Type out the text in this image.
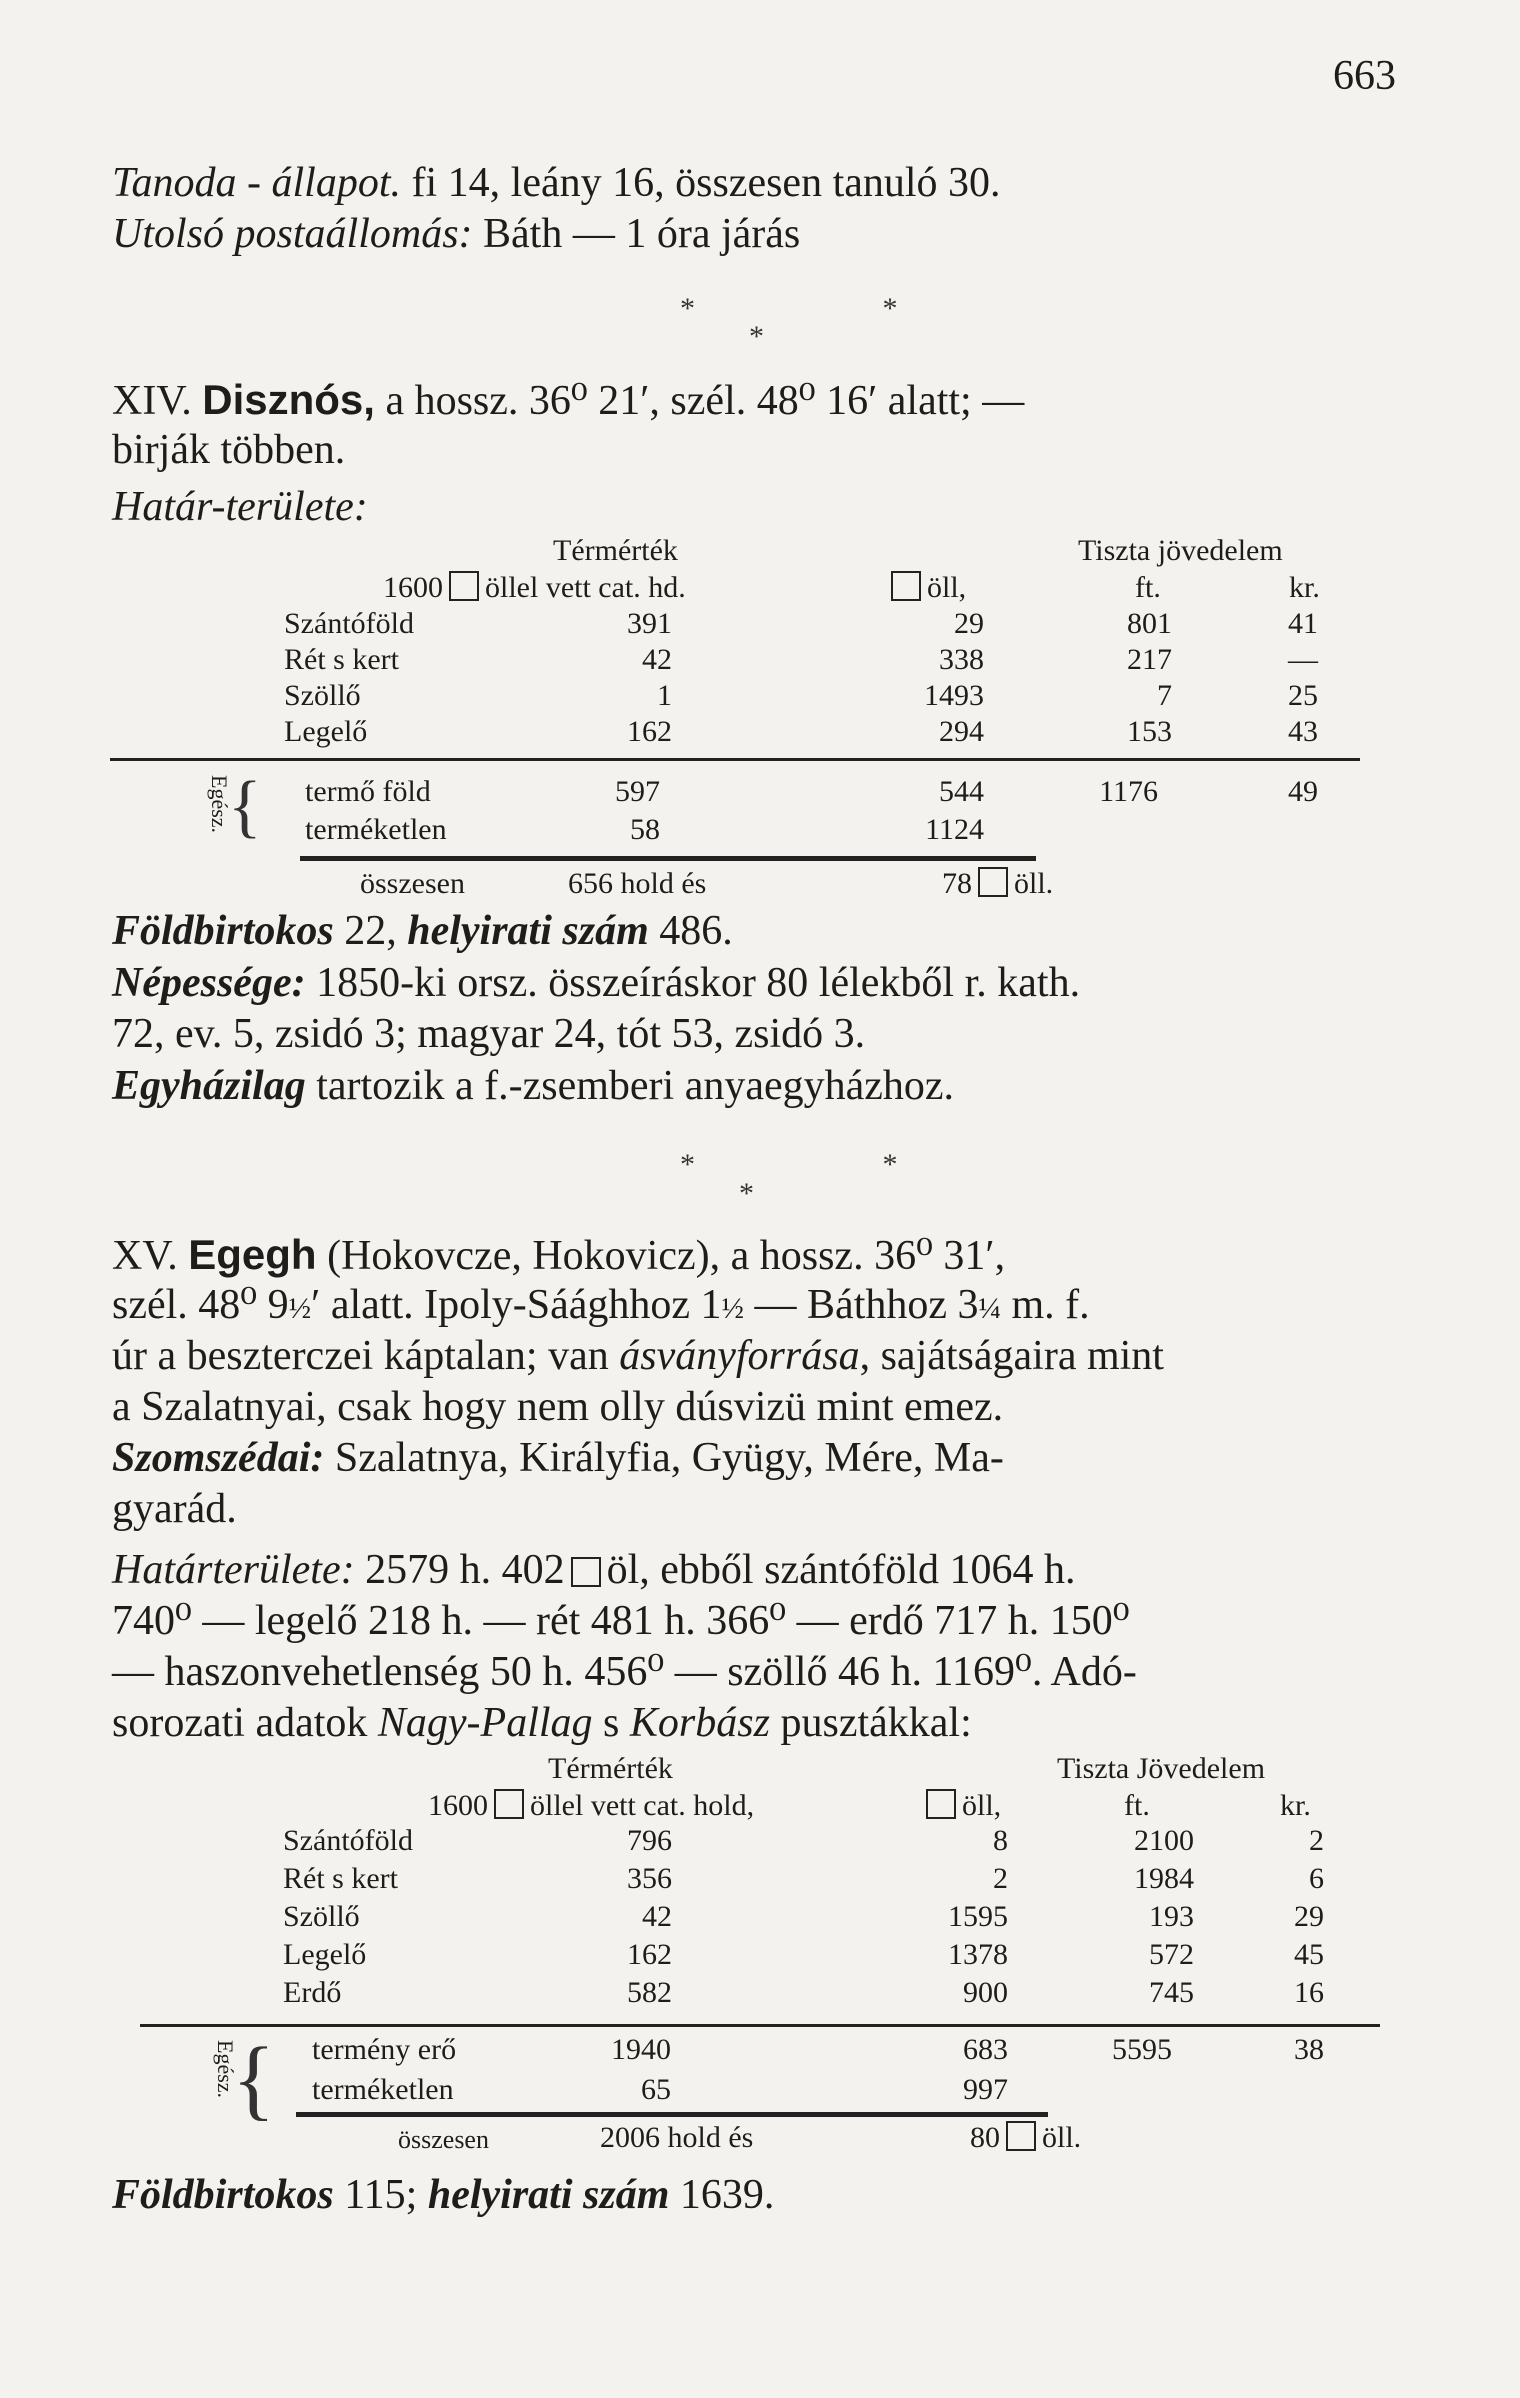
663
Tanoda - állapot. fi 14, leány 16, összesen tanuló 30.
Utolsó postaállomás: Báth — 1 óra járás
* *
*
XIV. Disznós, a hossz. 36⁰ 21′, szél. 48⁰ 16′ alatt; —
birják többen.
Határ-területe:
Térmérték	Tiszta jövedelem
1600 öllel vett cat. hd.	öll,	ft.	kr.
Szántóföld	391	29	801	41
Rét s kert	42	338	217	—
Szöllő	1	1493	7	25
Legelő	162	294	153	43
Egész.
{ termő föld	597	544	1176	49
terméketlen	58	1124
összesen	656 hold és	78 öll.
Földbirtokos 22, helyirati szám 486.
Népessége: 1850-ki orsz. összeíráskor 80 lélekből r. kath.
72, ev. 5, zsidó 3; magyar 24, tót 53, zsidó 3.
Egyházilag tartozik a f.-zsemberi anyaegyházhoz.
* *
*
XV. Egegh (Hokovcze, Hokovicz), a hossz. 36⁰ 31′,
szél. 48⁰ 9½′ alatt. Ipoly-Sáághhoz 1½ — Báthhoz 3¼ m. f.
úr a beszterczei káptalan; van ásványforrása, sajátságaira mint
a Szalatnyai, csak hogy nem olly dúsvizü mint emez.
Szomszédai: Szalatnya, Királyfia, Gyügy, Mére, Ma-
gyarád.
Határterülete: 2579 h. 402 öl, ebből szántóföld 1064 h.
740⁰ — legelő 218 h. — rét 481 h. 366⁰ — erdő 717 h. 150⁰
— haszonvehetlenség 50 h. 456⁰ — szöllő 46 h. 1169⁰. Adó-
sorozati adatok Nagy-Pallag s Korbász pusztákkal:
Térmérték	Tiszta Jövedelem
1600 öllel vett cat. hold,	öll,	ft.	kr.
Szántóföld	796	8	2100	2
Rét s kert	356	2	1984	6
Szöllő	42	1595	193	29
Legelő	162	1378	572	45
Erdő	582	900	745	16
Egész.
{ termény erő	1940	683	5595	38
terméketlen	65	997
összesen	2006 hold és	80 öll.
Földbirtokos 115; helyirati szám 1639.
